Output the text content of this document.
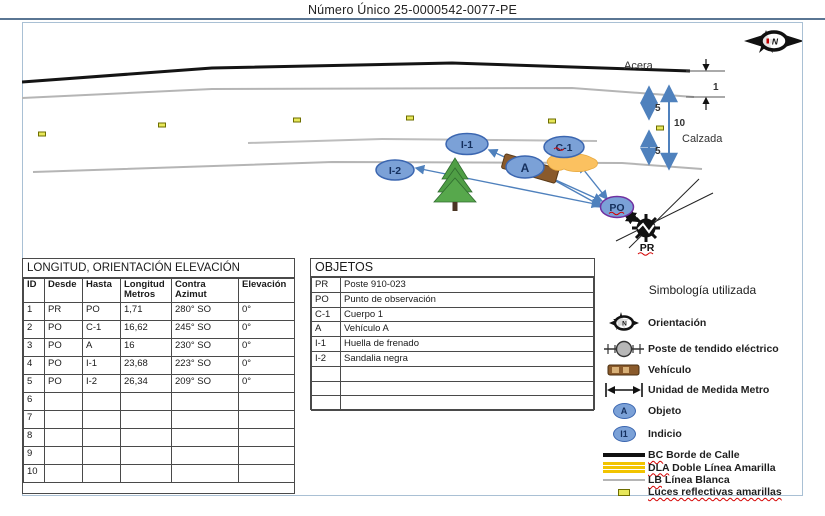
Número Único 25-0000542-0077-PE
1
5
5
10
Acera
Calzada
PR
I-1
I-2	A
C-1
PO
N
LONGITUD, ORIENTACIÓN ELEVACIÓN
ID	Desde	Hasta	Longitud Metros	Contra Azimut	Elevación
1	PR	PO	1,71	280° SO	0°
2	PO	C-1	16,62	245° SO	0°
3	PO	A	16	230° SO	0°
4	PO	I-1	23,68	223° SO	0°
5	PO	I-2	26,34	209° SO	0°
6					
7					
8					
9					
10					
OBJETOS
PR	Poste 910-023
PO	Punto de observación
C-1	Cuerpo 1
A	Vehículo A
I-1	Huella de frenado
I-2	Sandalia negra

Simbología utilizada
N Orientación
Poste de tendido eléctrico
Vehículo
Unidad de Medida Metro
A	Objeto
I1	Indicio
BC Borde de Calle
DLA Doble Línea Amarilla
LB Línea Blanca
Luces reflectivas amarillas
